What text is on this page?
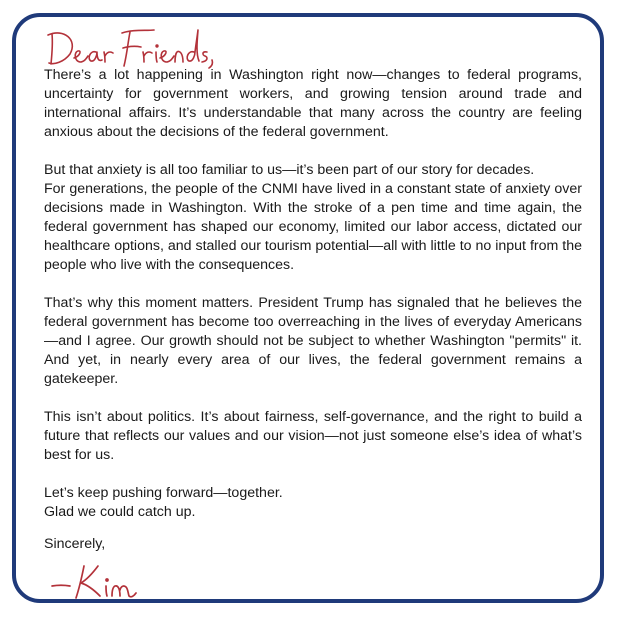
There’s a lot happening in Washington right now—changes to federal programs, uncertainty for government workers, and growing tension around trade and international affairs. It’s understandable that many across the country are feeling anxious about the decisions of the federal government.

But that anxiety is all too familiar to us—it’s been part of our story for decades.

For generations, the people of the CNMI have lived in a constant state of anxiety over decisions made in Washington. With the stroke of a pen time and time again, the federal government has shaped our economy, limited our labor access, dictated our healthcare options, and stalled our tourism potential—all with little to no input from the people who live with the consequences.

That’s why this moment matters. President Trump has signaled that he believes the federal government has become too overreaching in the lives of everyday Americans—and I agree. Our growth should not be subject to whether Washington "permits" it. And yet, in nearly every area of our lives, the federal government remains a gatekeeper.

This isn’t about politics. It’s about fairness, self-governance, and the right to build a future that reflects our values and our vision—not just someone else’s idea of what’s best for us.

Let’s keep pushing forward—together.
Glad we could catch up.
Sincerely,
